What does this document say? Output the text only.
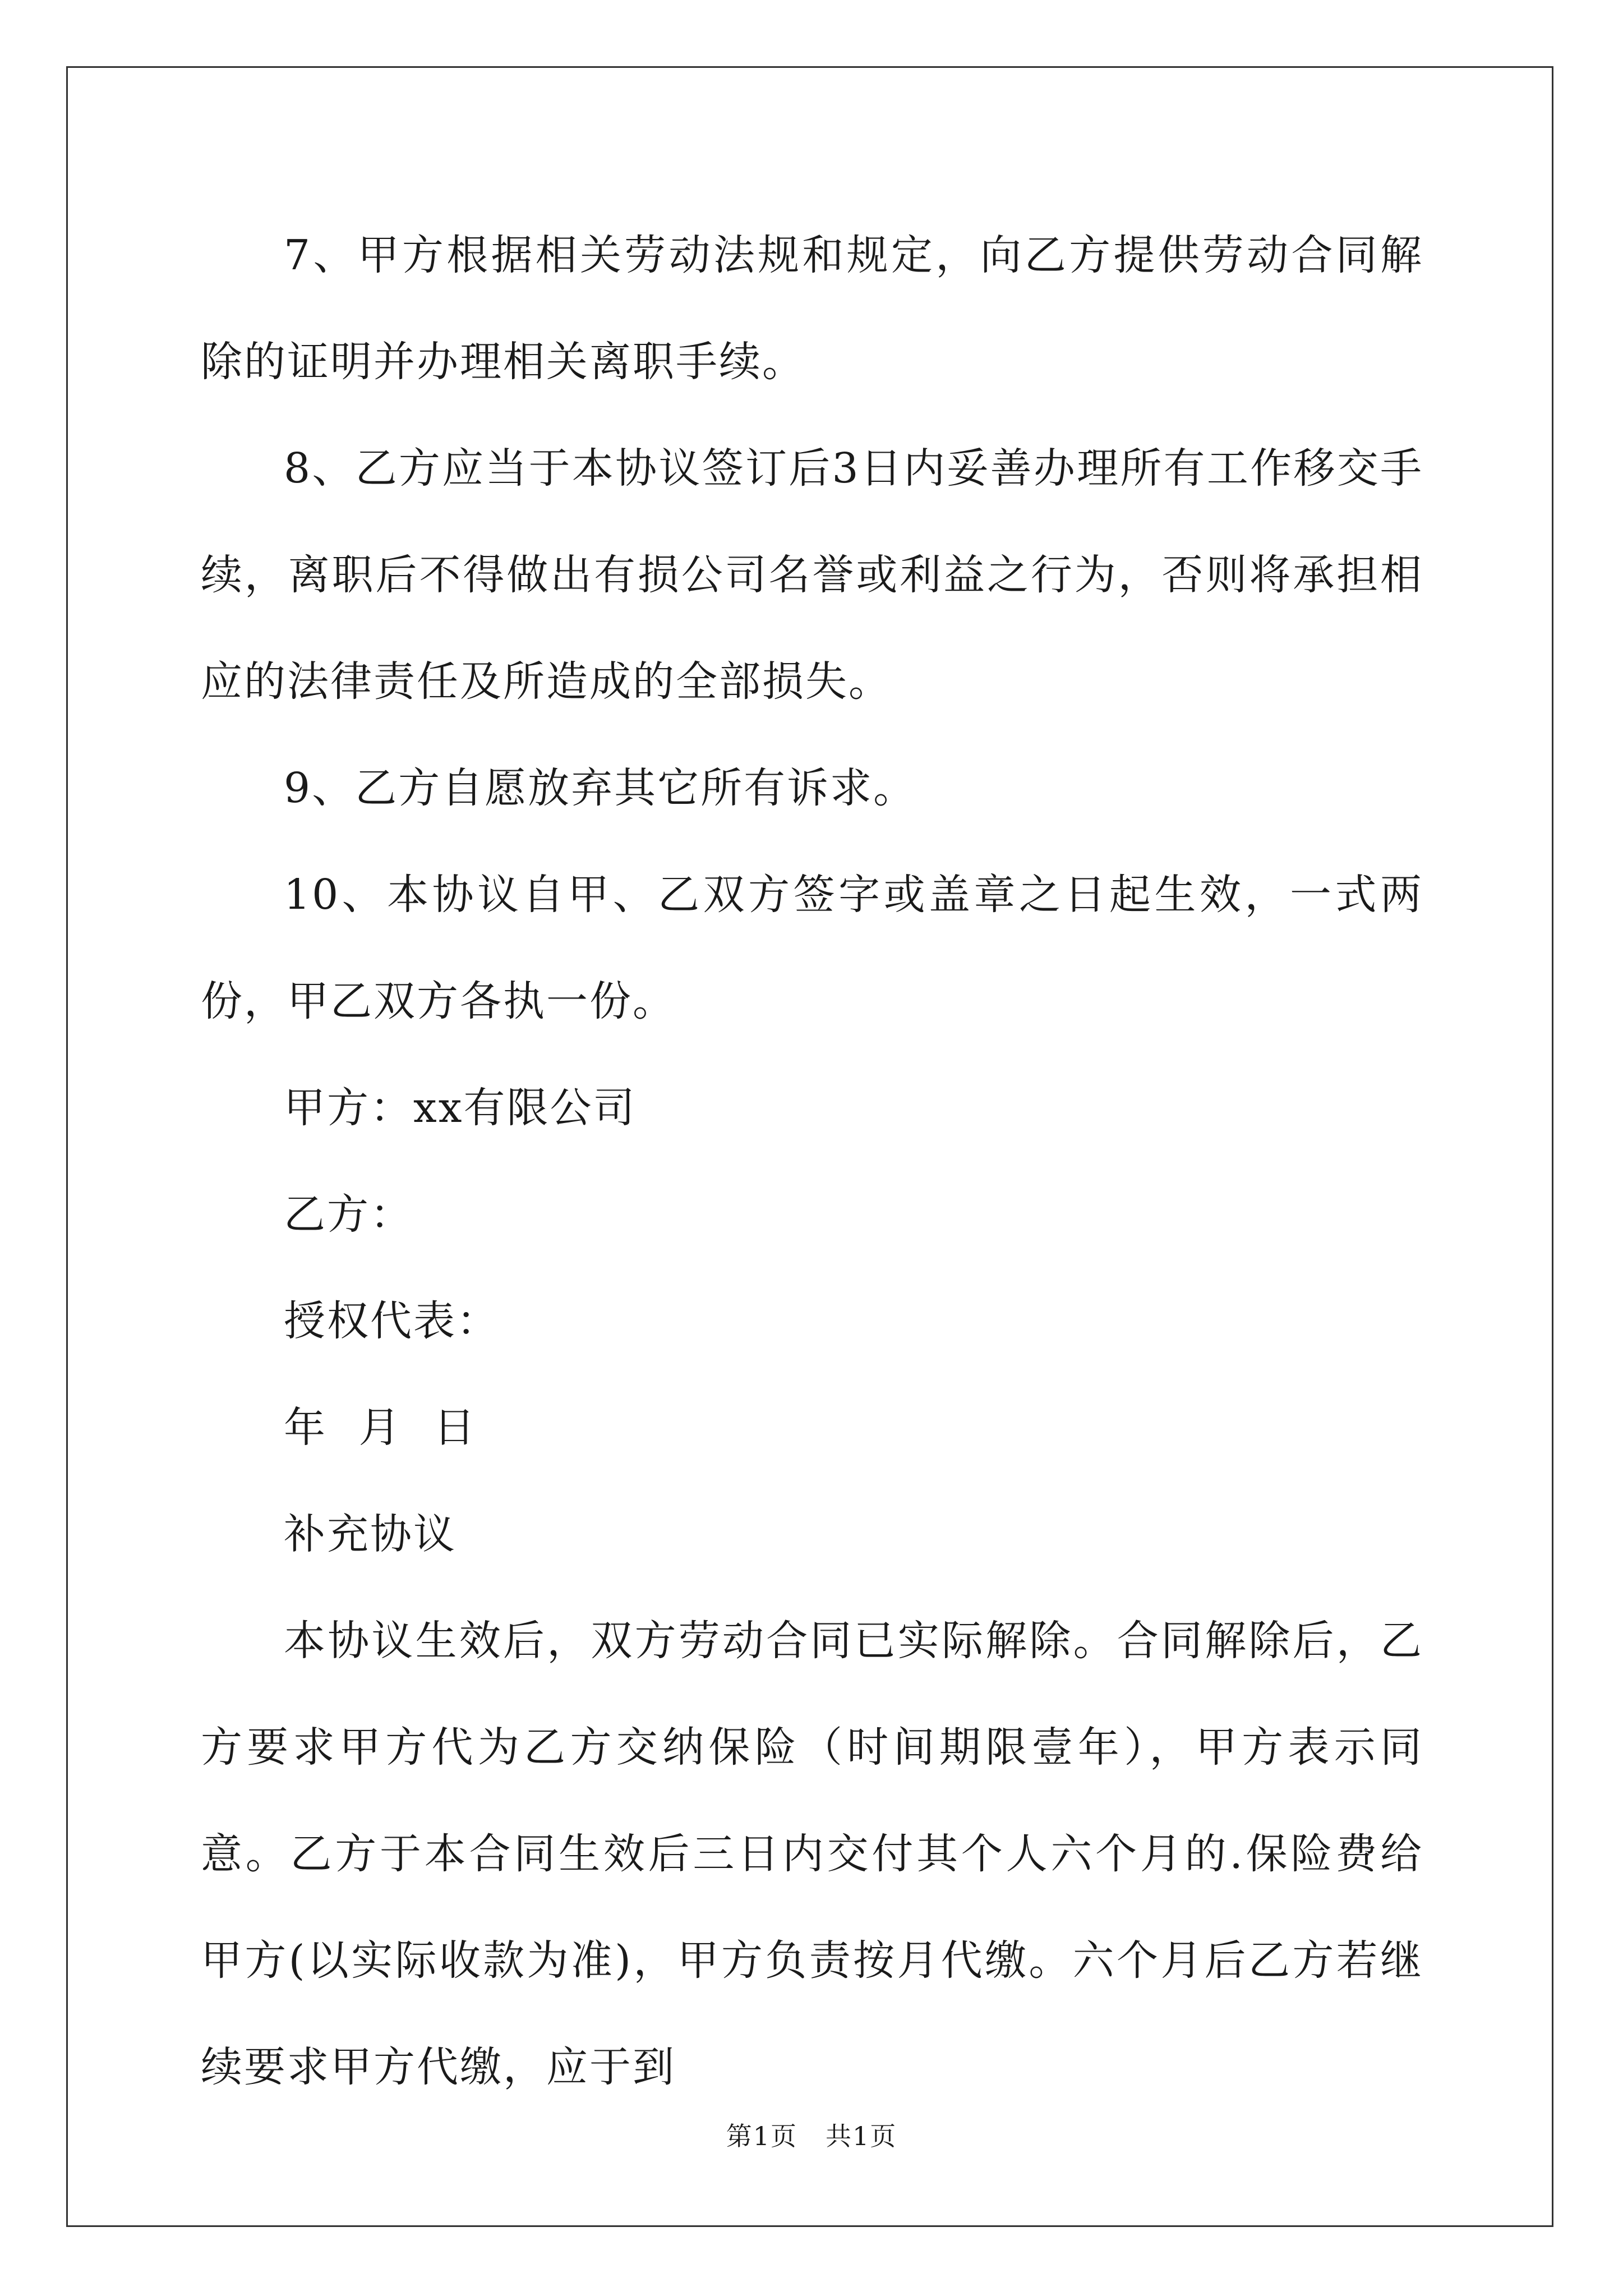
7、甲方根据相关劳动法规和规定，向乙方提供劳动合同解除的证明并办理相关离职手续。

8、乙方应当于本协议签订后3日内妥善办理所有工作移交手续，离职后不得做出有损公司名誉或利益之行为，否则将承担相应的法律责任及所造成的全部损失。

9、乙方自愿放弃其它所有诉求。

10、本协议自甲、乙双方签字或盖章之日起生效，一式两份，甲乙双方各执一份。

甲方：xx有限公司

乙方：

授权代表：

年 月 日

补充协议

本协议生效后，双方劳动合同已实际解除。合同解除后，乙方要求甲方代为乙方交纳保险（时间期限壹年），甲方表示同意。乙方于本合同生效后三日内交付其个人六个月的.保险费给甲方(以实际收款为准)，甲方负责按月代缴。六个月后乙方若继续要求甲方代缴，应于到

第1页 共1页
